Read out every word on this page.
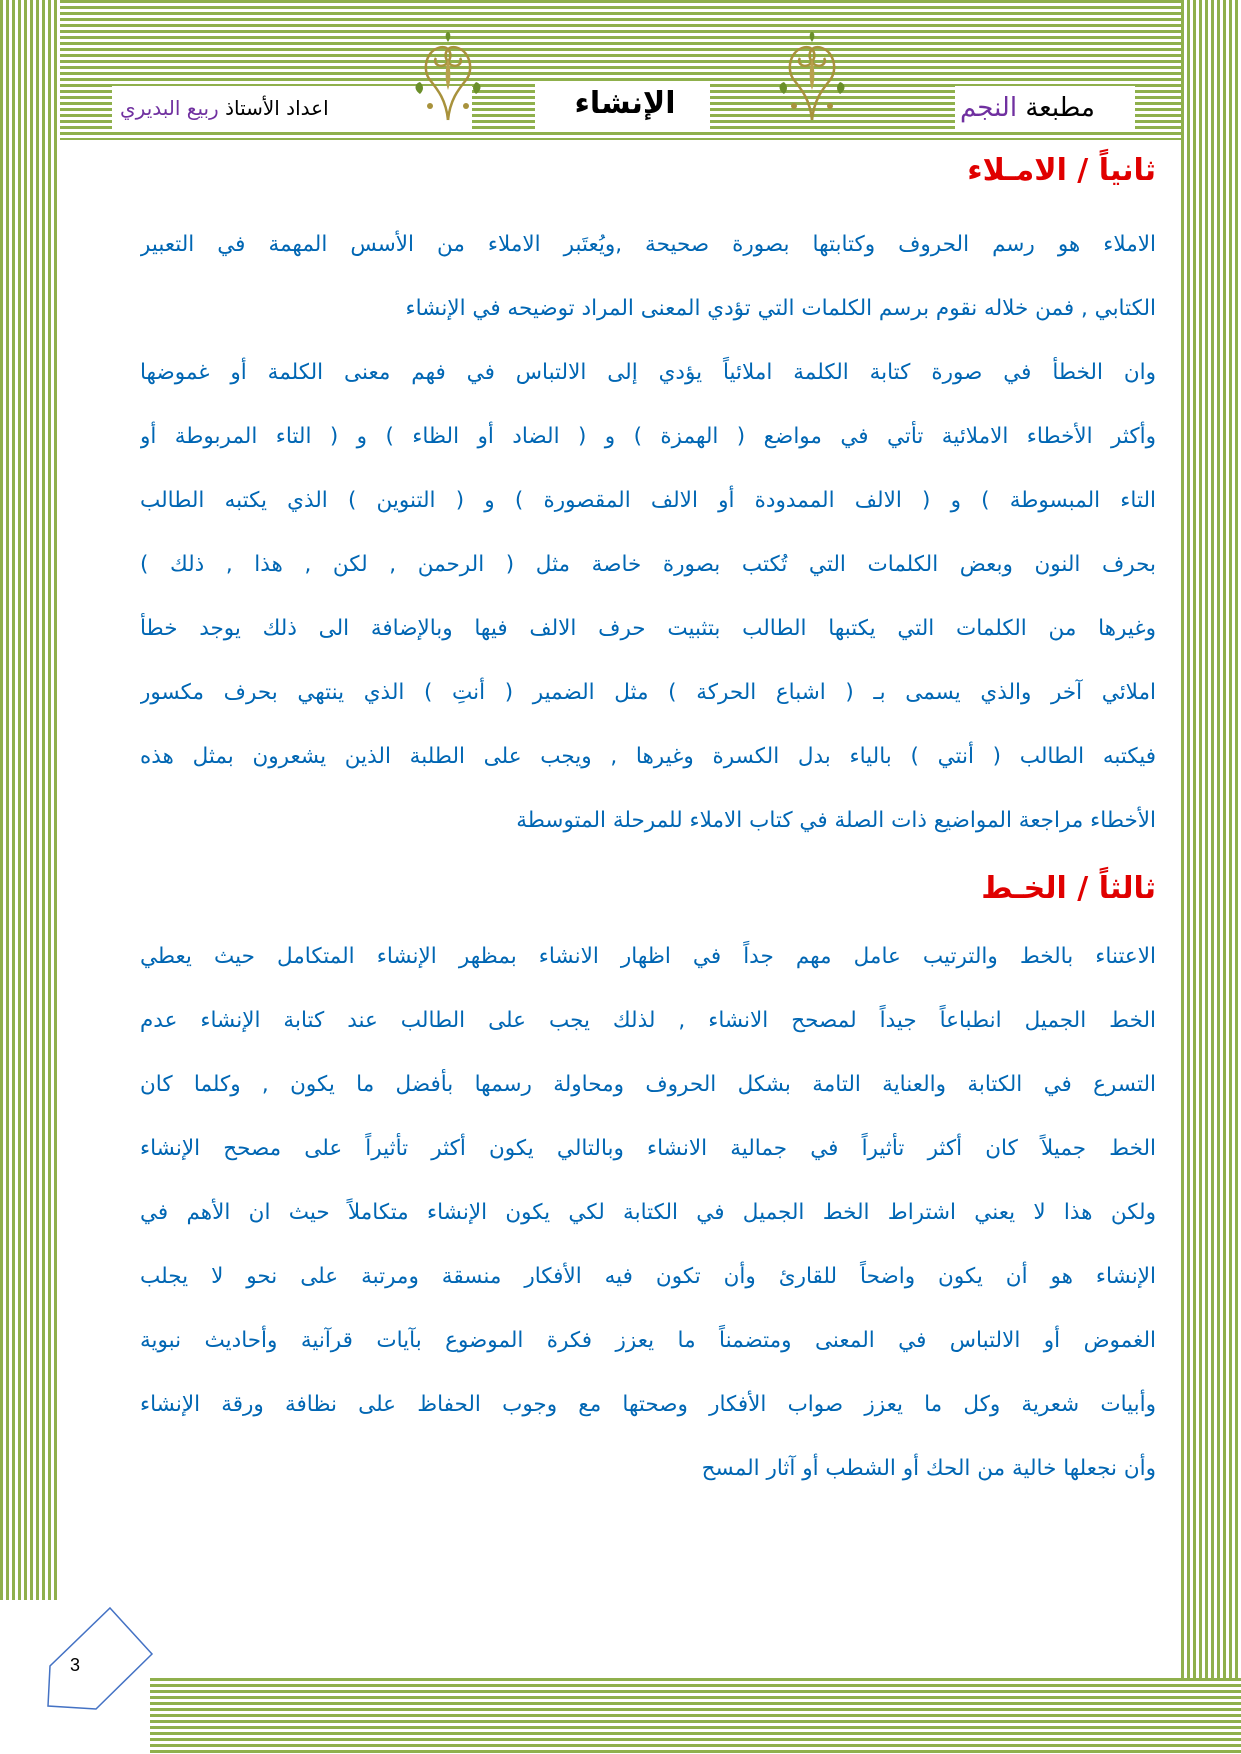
اعداد الأستاذ ربيع البديري	الإنشاء	مطبعة النجم
ثانياً / الامـلاء
الاملاء هو رسم الحروف وكتابتها بصورة صحيحة ,ويُعتَبر الاملاء من الأسس المهمة في التعبير
الكتابي , فمن خلاله نقوم برسم الكلمات التي تؤدي المعنى المراد توضيحه في الإنشاء
وان الخطأ في صورة كتابة الكلمة املائياً يؤدي إلى الالتباس في فهم معنى الكلمة أو غموضها
وأكثر الأخطاء الاملائية تأتي في مواضع ( الهمزة ) و ( الضاد أو الظاء ) و ( التاء المربوطة أو
التاء المبسوطة ) و ( الالف الممدودة أو الالف المقصورة ) و ( التنوين ) الذي يكتبه الطالب
بحرف النون وبعض الكلمات التي تُكتب بصورة خاصة مثل ( الرحمن , لكن , هذا , ذلك )
وغيرها من الكلمات التي يكتبها الطالب بتثبيت حرف الالف فيها وبالإضافة الى ذلك يوجد خطأ
املائي آخر والذي يسمى بـ ( اشباع الحركة ) مثل الضمير ( أنتِ ) الذي ينتهي بحرف مكسور
فيكتبه الطالب ( أنتي ) بالياء بدل الكسرة وغيرها , ويجب على الطلبة الذين يشعرون بمثل هذه
الأخطاء مراجعة المواضيع ذات الصلة في كتاب الاملاء للمرحلة المتوسطة
ثالثاً / الخـط
الاعتناء بالخط والترتيب عامل مهم جداً في اظهار الانشاء بمظهر الإنشاء المتكامل حيث يعطي
الخط الجميل انطباعاً جيداً لمصحح الانشاء , لذلك يجب على الطالب عند كتابة الإنشاء عدم
التسرع في الكتابة والعناية التامة بشكل الحروف ومحاولة رسمها بأفضل ما يكون , وكلما كان
الخط جميلاً كان أكثر تأثيراً في جمالية الانشاء وبالتالي يكون أكثر تأثيراً على مصحح الإنشاء
ولكن هذا لا يعني اشتراط الخط الجميل في الكتابة لكي يكون الإنشاء متكاملاً حيث ان الأهم في
الإنشاء هو أن يكون واضحاً للقارئ وأن تكون فيه الأفكار منسقة ومرتبة على نحو لا يجلب
الغموض أو الالتباس في المعنى ومتضمناً ما يعزز فكرة الموضوع بآيات قرآنية وأحاديث نبوية
وأبيات شعرية وكل ما يعزز صواب الأفكار وصحتها مع وجوب الحفاظ على نظافة ورقة الإنشاء
وأن نجعلها خالية من الحك أو الشطب أو آثار المسح
3
